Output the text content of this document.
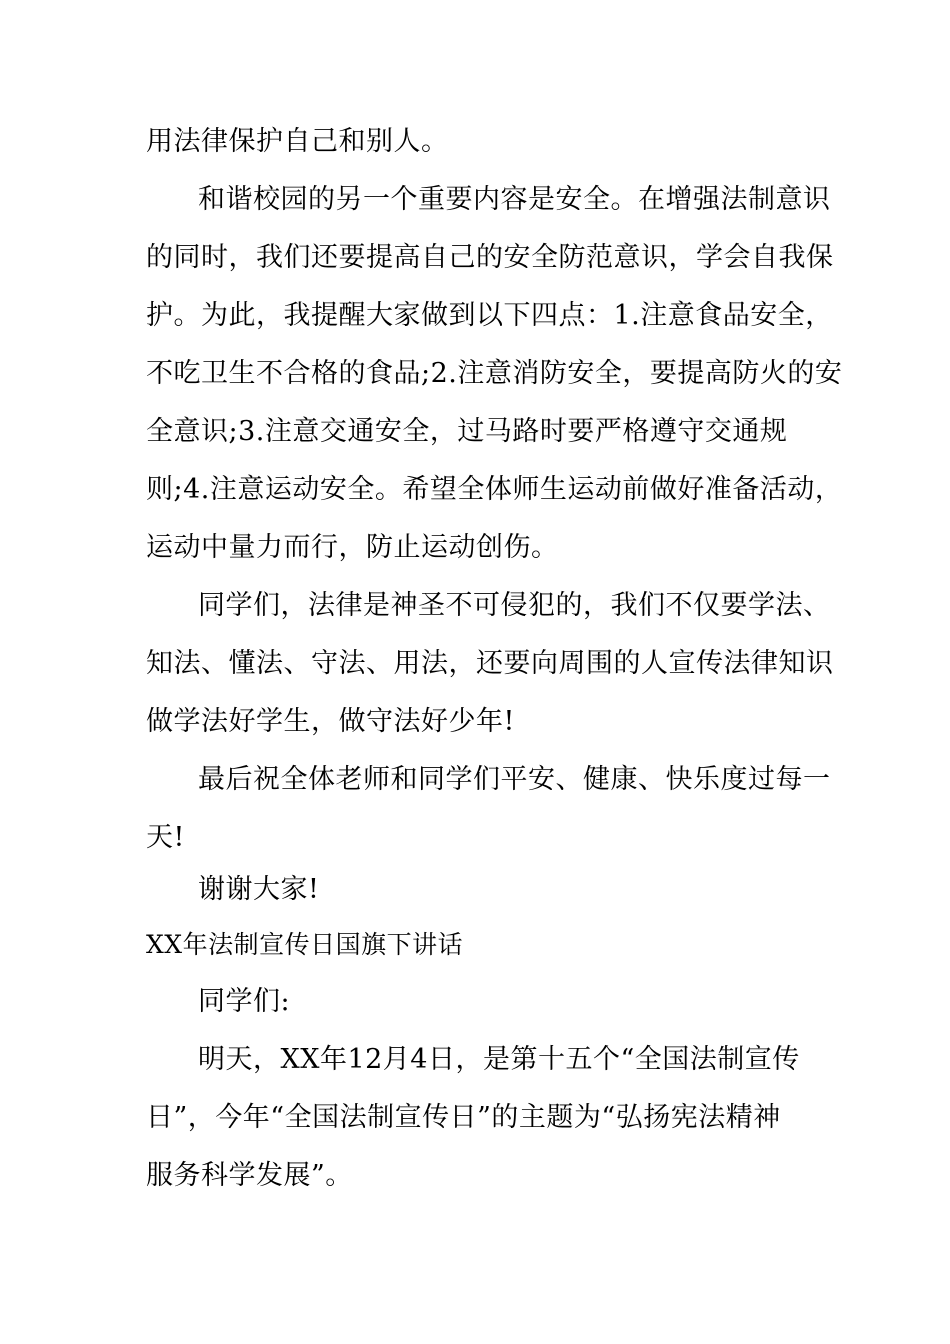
用法律保护自己和别人。
和谐校园的另一个重要内容是安全。在增强法制意识
的同时，我们还要提高自己的安全防范意识，学会自我保
护。为此，我提醒大家做到以下四点：1.注意食品安全，
不吃卫生不合格的食品;2.注意消防安全，要提高防火的安
全意识;3.注意交通安全，过马路时要严格遵守交通规
则;4.注意运动安全。希望全体师生运动前做好准备活动，
运动中量力而行，防止运动创伤。
同学们，法律是神圣不可侵犯的，我们不仅要学法、
知法、懂法、守法、用法，还要向周围的人宣传法律知识
做学法好学生，做守法好少年!
最后祝全体老师和同学们平安、健康、快乐度过每一
天!
谢谢大家!
XX年法制宣传日国旗下讲话
同学们:
明天，XX年12月4日，是第十五个“全国法制宣传
日”，今年“全国法制宣传日”的主题为“弘扬宪法精神
服务科学发展”。
